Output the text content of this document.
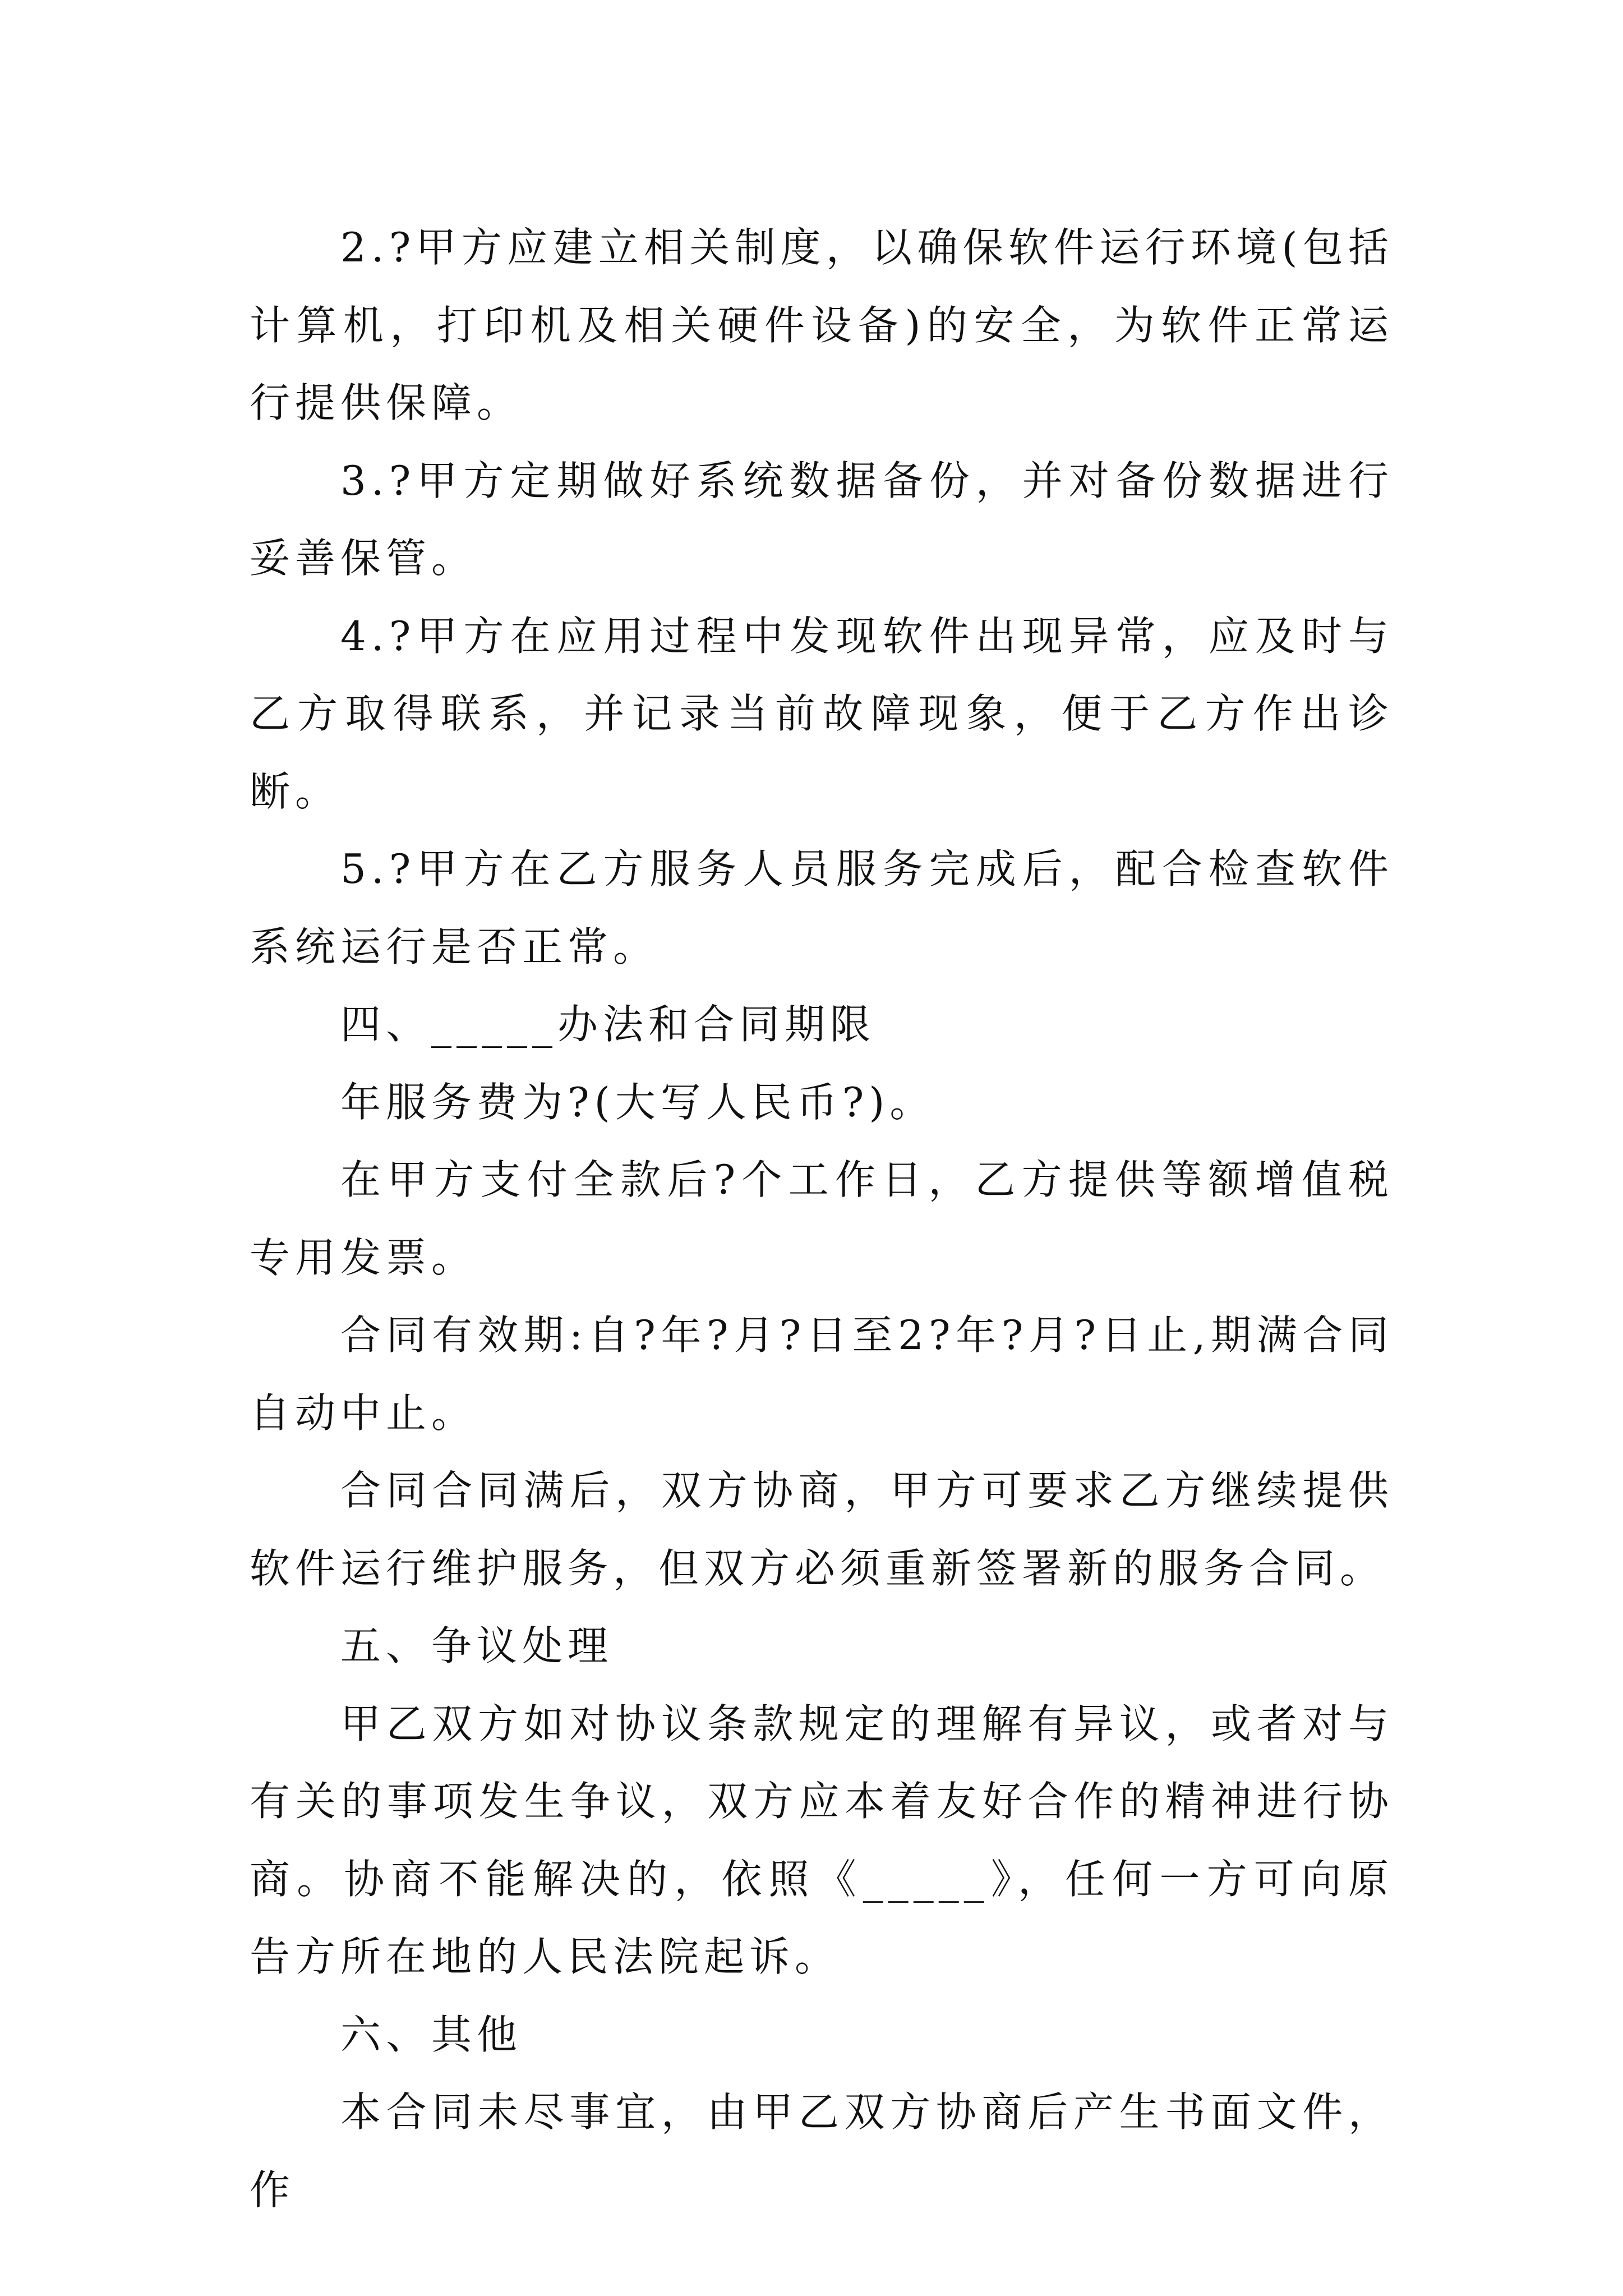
2.?甲方应建立相关制度，以确保软件运行环境(包括计算机，打印机及相关硬件设备)的安全，为软件正常运行提供保障。

3.?甲方定期做好系统数据备份，并对备份数据进行妥善保管。

4.?甲方在应用过程中发现软件出现异常，应及时与乙方取得联系，并记录当前故障现象，便于乙方作出诊断。

5.?甲方在乙方服务人员服务完成后，配合检查软件系统运行是否正常。

四、_____办法和合同期限

年服务费为?(大写人民币?)。

在甲方支付全款后?个工作日，乙方提供等额增值税专用发票。

合同有效期:自?年?月?日至2?年?月?日止,期满合同自动中止。

合同合同满后，双方协商，甲方可要求乙方继续提供软件运行维护服务，但双方必须重新签署新的服务合同。

五、争议处理

甲乙双方如对协议条款规定的理解有异议，或者对与有关的事项发生争议，双方应本着友好合作的精神进行协商。协商不能解决的，依照《_____》，任何一方可向原告方所在地的人民法院起诉。

六、其他

本合同未尽事宜，由甲乙双方协商后产生书面文件，作
